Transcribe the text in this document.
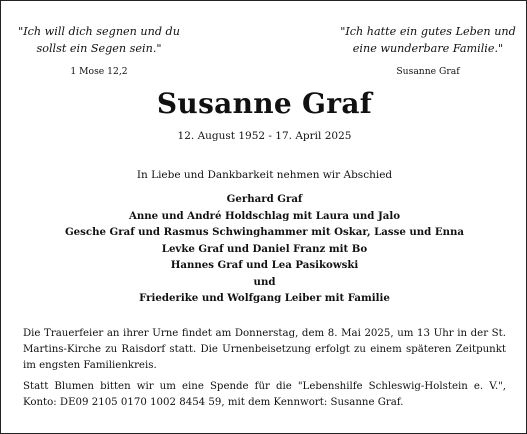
"Ich will dich segnen und du
sollst ein Segen sein."
1 Mose 12,2
"Ich hatte ein gutes Leben und
eine wunderbare Familie."
Susanne Graf
Susanne Graf
12. August 1952 - 17. April 2025
In Liebe und Dankbarkeit nehmen wir Abschied
Gerhard Graf
Anne und André Holdschlag mit Laura und Jalo
Gesche Graf und Rasmus Schwinghammer mit Oskar, Lasse und Enna
Levke Graf und Daniel Franz mit Bo
Hannes Graf und Lea Pasikowski
und
Friederike und Wolfgang Leiber mit Familie

Die Trauerfeier an ihrer Urne findet am Donnerstag, dem 8. Mai 2025, um 13 Uhr in der St. Martins-Kirche zu Raisdorf statt. Die Urnenbeisetzung erfolgt zu einem späteren Zeitpunkt im engsten Familienkreis.

Statt Blumen bitten wir um eine Spende für die "Lebenshilfe Schleswig-Holstein e. V.", Konto: DE09 2105 0170 1002 8454 59, mit dem Kennwort: Susanne Graf.
